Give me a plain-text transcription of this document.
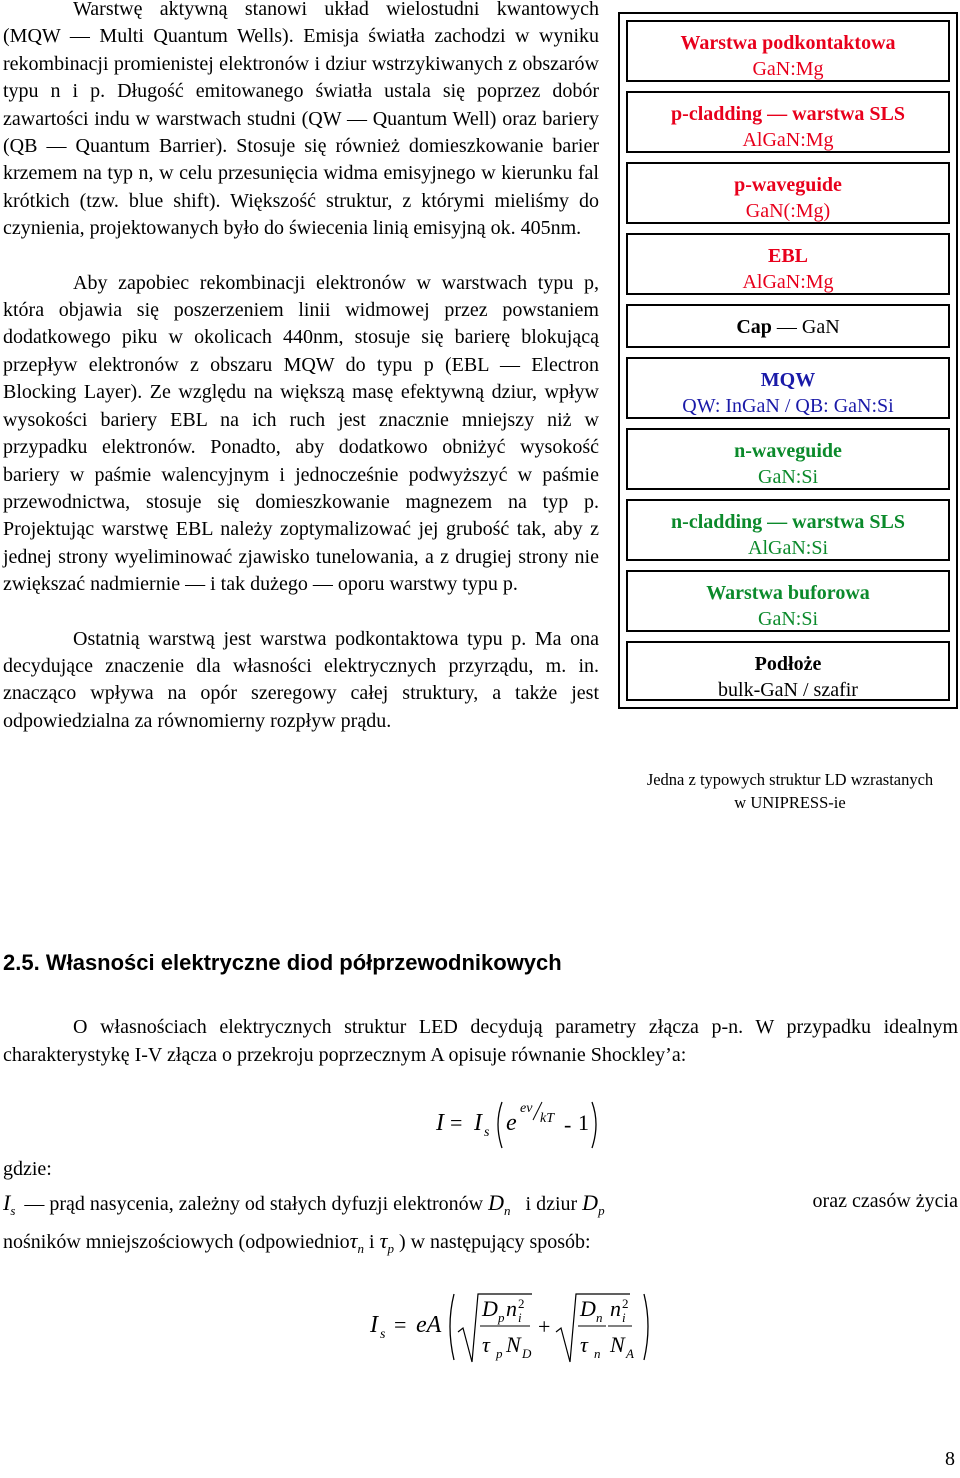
Warstwę aktywną stanowi układ wielostudni kwantowych (MQW — Multi Quantum Wells). Emisja światła zachodzi w wyniku rekombinacji promienistej elektronów i dziur wstrzykiwanych z obszarów typu n i p. Długość emitowanego światła ustala się poprzez dobór zawartości indu w warstwach studni (QW — Quantum Well) oraz bariery (QB — Quantum Barrier). Stosuje się również domieszkowanie barier krzemem na typ n, w celu przesunięcia widma emisyjnego w kierunku fal krótkich (tzw. blue shift). Większość struktur, z którymi mieliśmy do czynienia, projektowanych było do świecenia linią emisyjną ok. 405nm.

Aby zapobiec rekombinacji elektronów w warstwach typu p, która objawia się poszerzeniem linii widmowej przez powstaniem dodatkowego piku w okolicach 440nm, stosuje się barierę blokującą przepływ elektronów z obszaru MQW do typu p (EBL — Electron Blocking Layer). Ze względu na większą masę efektywną dziur, wpływ wysokości bariery EBL na ich ruch jest znacznie mniejszy niż w przypadku elektronów. Ponadto, aby dodatkowo obniżyć wysokość bariery w paśmie walencyjnym i jednocześnie podwyższyć w paśmie przewodnictwa, stosuje się domieszkowanie magnezem na typ p. Projektując warstwę EBL należy zoptymalizować jej grubość tak, aby z jednej strony wyeliminować zjawisko tunelowania, a z drugiej strony nie zwiększać nadmiernie — i tak dużego — oporu warstwy typu p.

Ostatnią warstwą jest warstwa podkontaktowa typu p. Ma ona decydujące znaczenie dla własności elektrycznych przyrządu, m. in. znacząco wpływa na opór szeregowy całej struktury, a także jest odpowiedzialna za równomierny rozpływ prądu.

Warstwa podkontaktowa
GaN:Mg
p-cladding — warstwa SLS
AlGaN:Mg
p-waveguide
GaN(:Mg)
EBL
AlGaN:Mg
Cap — GaN
MQW
QW: InGaN / QB: GaN:Si
n-waveguide
GaN:Si
n-cladding — warstwa SLS
AlGaN:Si
Warstwa buforowa
GaN:Si
Podłoże
bulk-GaN / szafir
Jedna z typowych struktur LD wzrastanych w UNIPRESS-ie
2.5. Własności elektryczne diod półprzewodnikowych
O własnościach elektrycznych struktur LED decydują parametry złącza p-n. W przypadku idealnym charakterystykę I-V złącza o przekroju poprzecznym A opisuje równanie Shockley’a:
I = I s e
ev
kT - 1
gdzie:
$I_s$ — prąd nasycenia, zależny od stałych dyfuzji elektronów $D_n$ i dziur $D_p$	oraz czasów życia
nośników mniejszościowych (odpowiednioτ$_n$ i $\tau_p$ ) w następujący sposób:
I s = eA
D p
τ p
n 2
i
N D
+
D n
τ n
n 2
i
N A
8
